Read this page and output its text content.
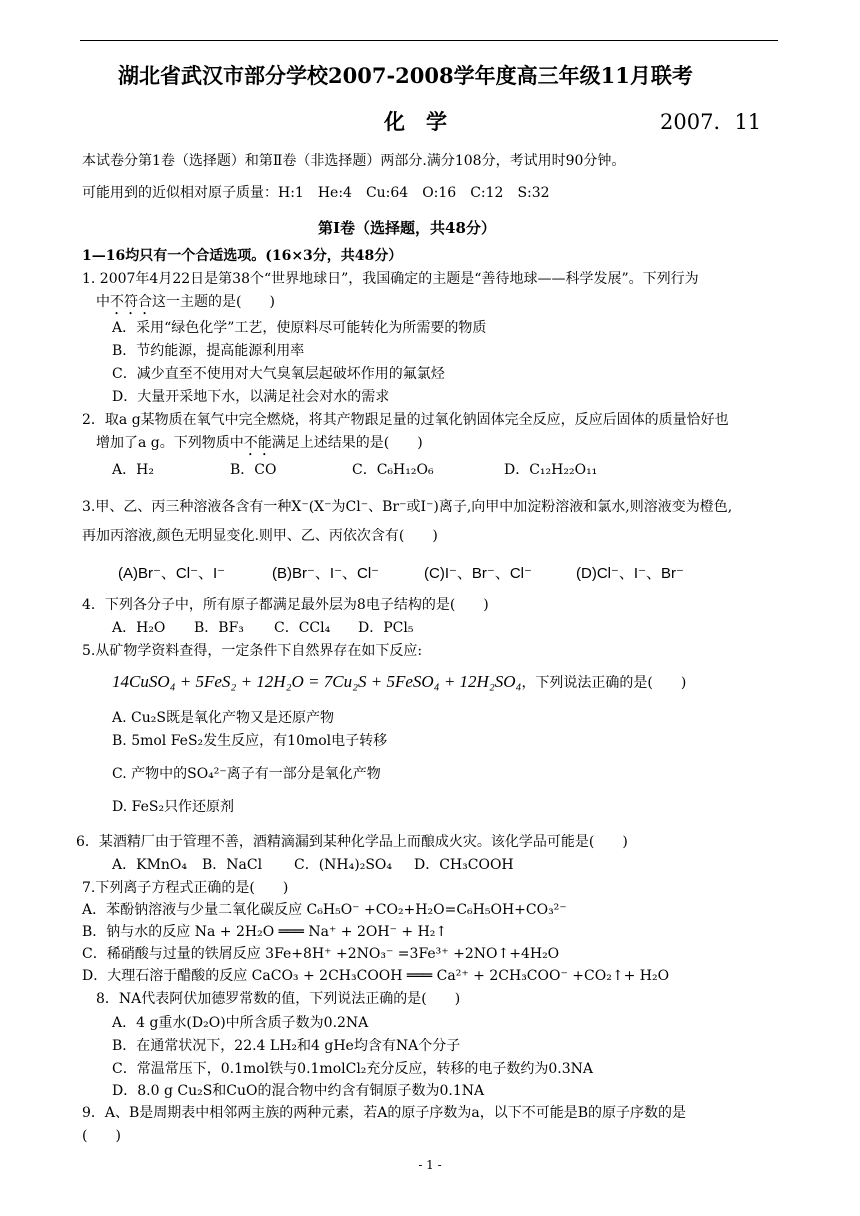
湖北省武汉市部分学校2007-2008学年度高三年级11月联考
化　学	2007．11
本试卷分第1卷（选择题）和第Ⅱ卷（非选择题）两部分.满分108分，考试用时90分钟。
可能用到的近似相对原子质量：H:1　He:4　Cu:64　O:16　C:12　S:32
第Ⅰ卷（选择题，共48分）
1—16均只有一个合适选项。(16×3分，共48分）
1. 2007年4月22日是第38个“世界地球日”，我国确定的主题是“善待地球——科学发展”。下列行为
中不符合这一主题的是(　　)
A．采用“绿色化学”工艺，使原料尽可能转化为所需要的物质
B．节约能源，提高能源利用率
C．减少直至不使用对大气臭氧层起破坏作用的氟氯烃
D．大量开采地下水，以满足社会对水的需求
2．取a g某物质在氧气中完全燃烧，将其产物跟足量的过氧化钠固体完全反应，反应后固体的质量恰好也
增加了a g。下列物质中不能满足上述结果的是(　　)
A．H₂	B．CO	C．C₆H₁₂O₆	D．C₁₂H₂₂O₁₁
3.甲、乙、丙三种溶液各含有一种X⁻(X⁻为Cl⁻、Br⁻或I⁻)离子,向甲中加淀粉溶液和氯水,则溶液变为橙色,
再加丙溶液,颜色无明显变化.则甲、乙、丙依次含有(　　)
(A)Br⁻、Cl⁻、I⁻	(B)Br⁻、I⁻、Cl⁻	(C)I⁻、Br⁻、Cl⁻	(D)Cl⁻、I⁻、Br⁻
4．下列各分子中，所有原子都满足最外层为8电子结构的是(　　)
A．H₂O B．BF₃ C．CCl₄ D．PCl₅
5.从矿物学资料查得，一定条件下自然界存在如下反应:
14CuSO₄ + 5FeS₂ + 12H₂O = 7Cu₂S + 5FeSO₄ + 12H₂SO₄，下列说法正确的是(　　)
A. Cu₂S既是氧化产物又是还原产物
B. 5mol FeS₂发生反应，有10mol电子转移
C. 产物中的SO₄²⁻离子有一部分是氧化产物
D. FeS₂只作还原剂
6．某酒精厂由于管理不善，酒精滴漏到某种化学品上而酿成火灾。该化学品可能是(　　)
A．KMnO₄ B．NaCl C．(NH₄)₂SO₄ D．CH₃COOH
7.下列离子方程式正确的是(　　)
A．苯酚钠溶液与少量二氧化碳反应 C₆H₅O⁻ +CO₂+H₂O=C₆H₅OH+CO₃²⁻
B．钠与水的反应 Na + 2H₂O ═══ Na⁺ + 2OH⁻ + H₂↑
C．稀硝酸与过量的铁屑反应 3Fe+8H⁺ +2NO₃⁻ =3Fe³⁺ +2NO↑+4H₂O
D．大理石溶于醋酸的反应 CaCO₃ + 2CH₃COOH ═══ Ca²⁺ + 2CH₃COO⁻ +CO₂↑+ H₂O
8．NA代表阿伏加德罗常数的值，下列说法正确的是(　　)
A．4 g重水(D₂O)中所含质子数为0.2NA
B．在通常状况下，22.4 LH₂和4 gHe均含有NA个分子
C．常温常压下，0.1mol铁与0.1molCl₂充分反应，转移的电子数约为0.3NA
D．8.0 g Cu₂S和CuO的混合物中约含有铜原子数为0.1NA
9．A、B是周期表中相邻两主族的两种元素，若A的原子序数为a，以下不可能是B的原子序数的是
(　　)
- 1 -
